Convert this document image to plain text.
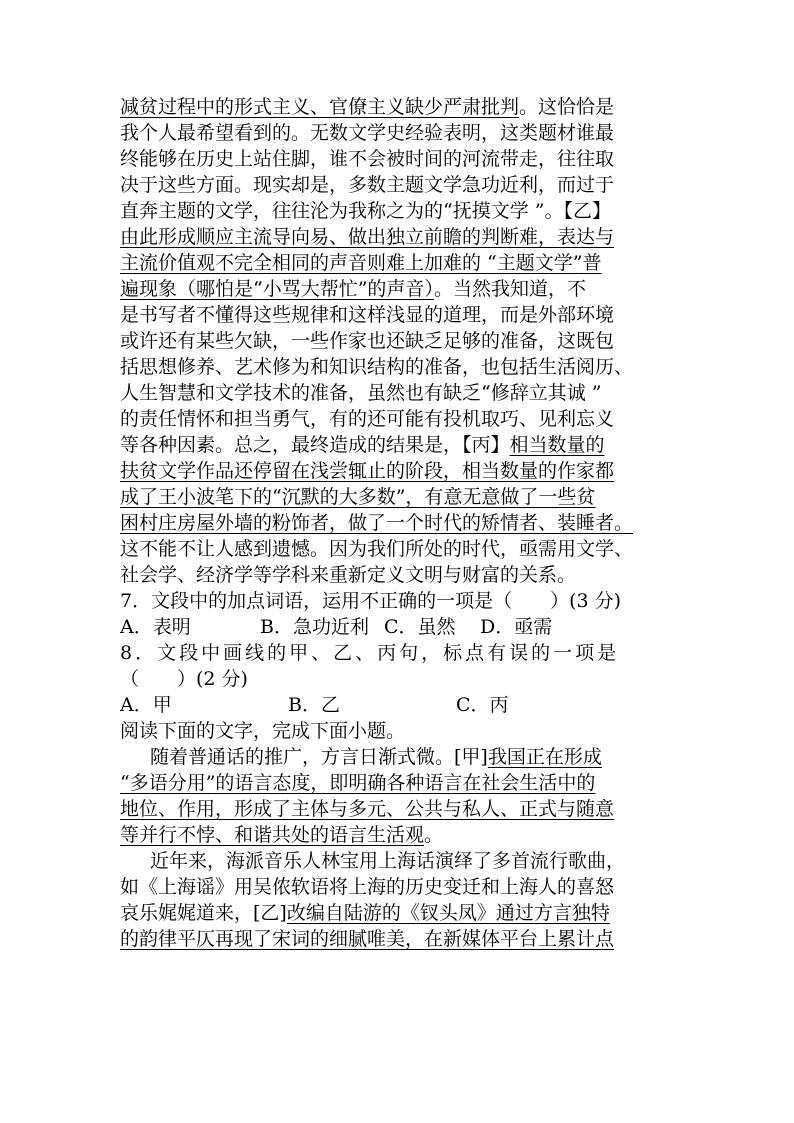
减贫过程中的形式主义、官僚主义缺少严肃批判。这恰恰是
我个人最希望看到的。无数文学史经验表明，这类题材谁最
终能够在历史上站住脚，谁不会被时间的河流带走，往往取
决于这些方面。现实却是，多数主题文学急功近利，而过于
直奔主题的文学，往往沦为我称之为的“抚摸文学 ”。【乙】
由此形成顺应主流导向易、做出独立前瞻的判断难，表达与
主流价值观不完全相同的声音则难上加难的 “主题文学”普
遍现象（哪怕是“小骂大帮忙”的声音）。当然我知道，不
是书写者不懂得这些规律和这样浅显的道理，而是外部环境
或许还有某些欠缺，一些作家也还缺乏足够的准备，这既包
括思想修养、艺术修为和知识结构的准备，也包括生活阅历、
人生智慧和文学技术的准备，虽然也有缺乏“修辞立其诚 ”
的责任情怀和担当勇气，有的还可能有投机取巧、见利忘义
等各种因素。总之，最终造成的结果是，【丙】相当数量的
扶贫文学作品还停留在浅尝辄止的阶段，相当数量的作家都
成了王小波笔下的“沉默的大多数”，有意无意做了一些贫
困村庄房屋外墙的粉饰者，做了一个时代的矫情者、装睡者。
这不能不让人感到遗憾。因为我们所处的时代，亟需用文学、
社会学、经济学等学科来重新定义文明与财富的关系。
7．文段中的加点词语，运用不正确的一项是（　　）(3 分)
A．表明	B．急功近利 C．虽然 D．亟需
8．文段中画线的甲、乙、丙句，标点有误的一项是
（　　）(2 分)
A．甲	B．乙	C．丙
阅读下面的文字，完成下面小题。
随着普通话的推广，方言日渐式微。[甲]我国正在形成
“多语分用”的语言态度，即明确各种语言在社会生活中的
地位、作用，形成了主体与多元、公共与私人、正式与随意
等并行不悖、和谐共处的语言生活观。
近年来，海派音乐人林宝用上海话演绎了多首流行歌曲，
如《上海谣》用吴侬软语将上海的历史变迁和上海人的喜怒
哀乐娓娓道来，[乙]改编自陆游的《钗头凤》通过方言独特
的韵律平仄再现了宋词的细腻唯美，在新媒体平台上累计点
